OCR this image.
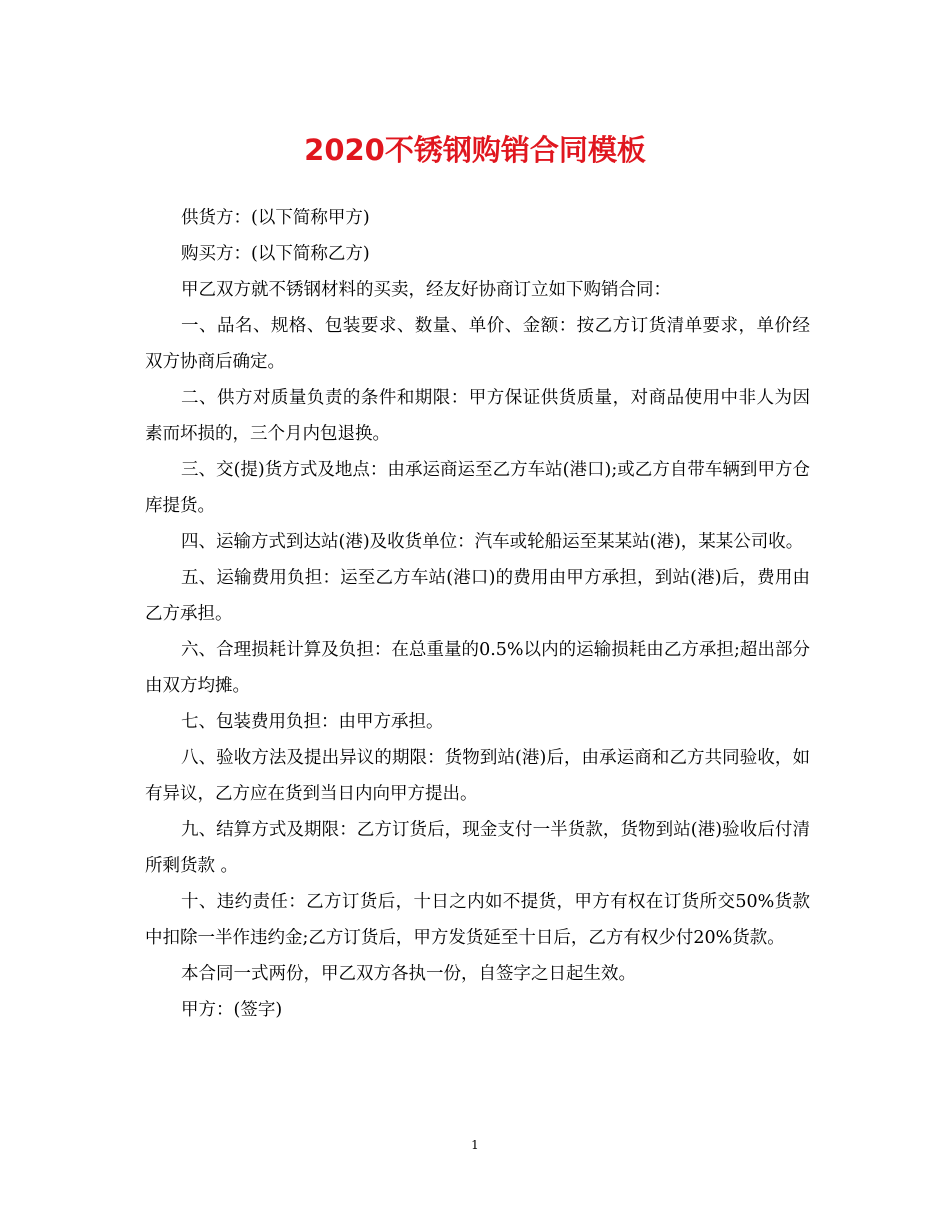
2020不锈钢购销合同模板

供货方：(以下简称甲方)

购买方：(以下简称乙方)

甲乙双方就不锈钢材料的买卖，经友好协商订立如下购销合同：

一、品名、规格、包装要求、数量、单价、金额：按乙方订货清单要求，单价经双方协商后确定。

二、供方对质量负责的条件和期限：甲方保证供货质量，对商品使用中非人为因素而坏损的，三个月内包退换。

三、交(提)货方式及地点：由承运商运至乙方车站(港口);或乙方自带车辆到甲方仓库提货。

四、运输方式到达站(港)及收货单位：汽车或轮船运至某某站(港)，某某公司收。

五、运输费用负担：运至乙方车站(港口)的费用由甲方承担，到站(港)后，费用由乙方承担。

六、合理损耗计算及负担：在总重量的0.5%以内的运输损耗由乙方承担;超出部分由双方均摊。

七、包装费用负担：由甲方承担。

八、验收方法及提出异议的期限：货物到站(港)后，由承运商和乙方共同验收，如有异议，乙方应在货到当日内向甲方提出。

九、结算方式及期限：乙方订货后，现金支付一半货款，货物到站(港)验收后付清所剩货款 。

十、违约责任：乙方订货后，十日之内如不提货，甲方有权在订货所交50%货款中扣除一半作违约金;乙方订货后，甲方发货延至十日后，乙方有权少付20%货款。

本合同一式两份，甲乙双方各执一份，自签字之日起生效。

甲方：(签字)

1
